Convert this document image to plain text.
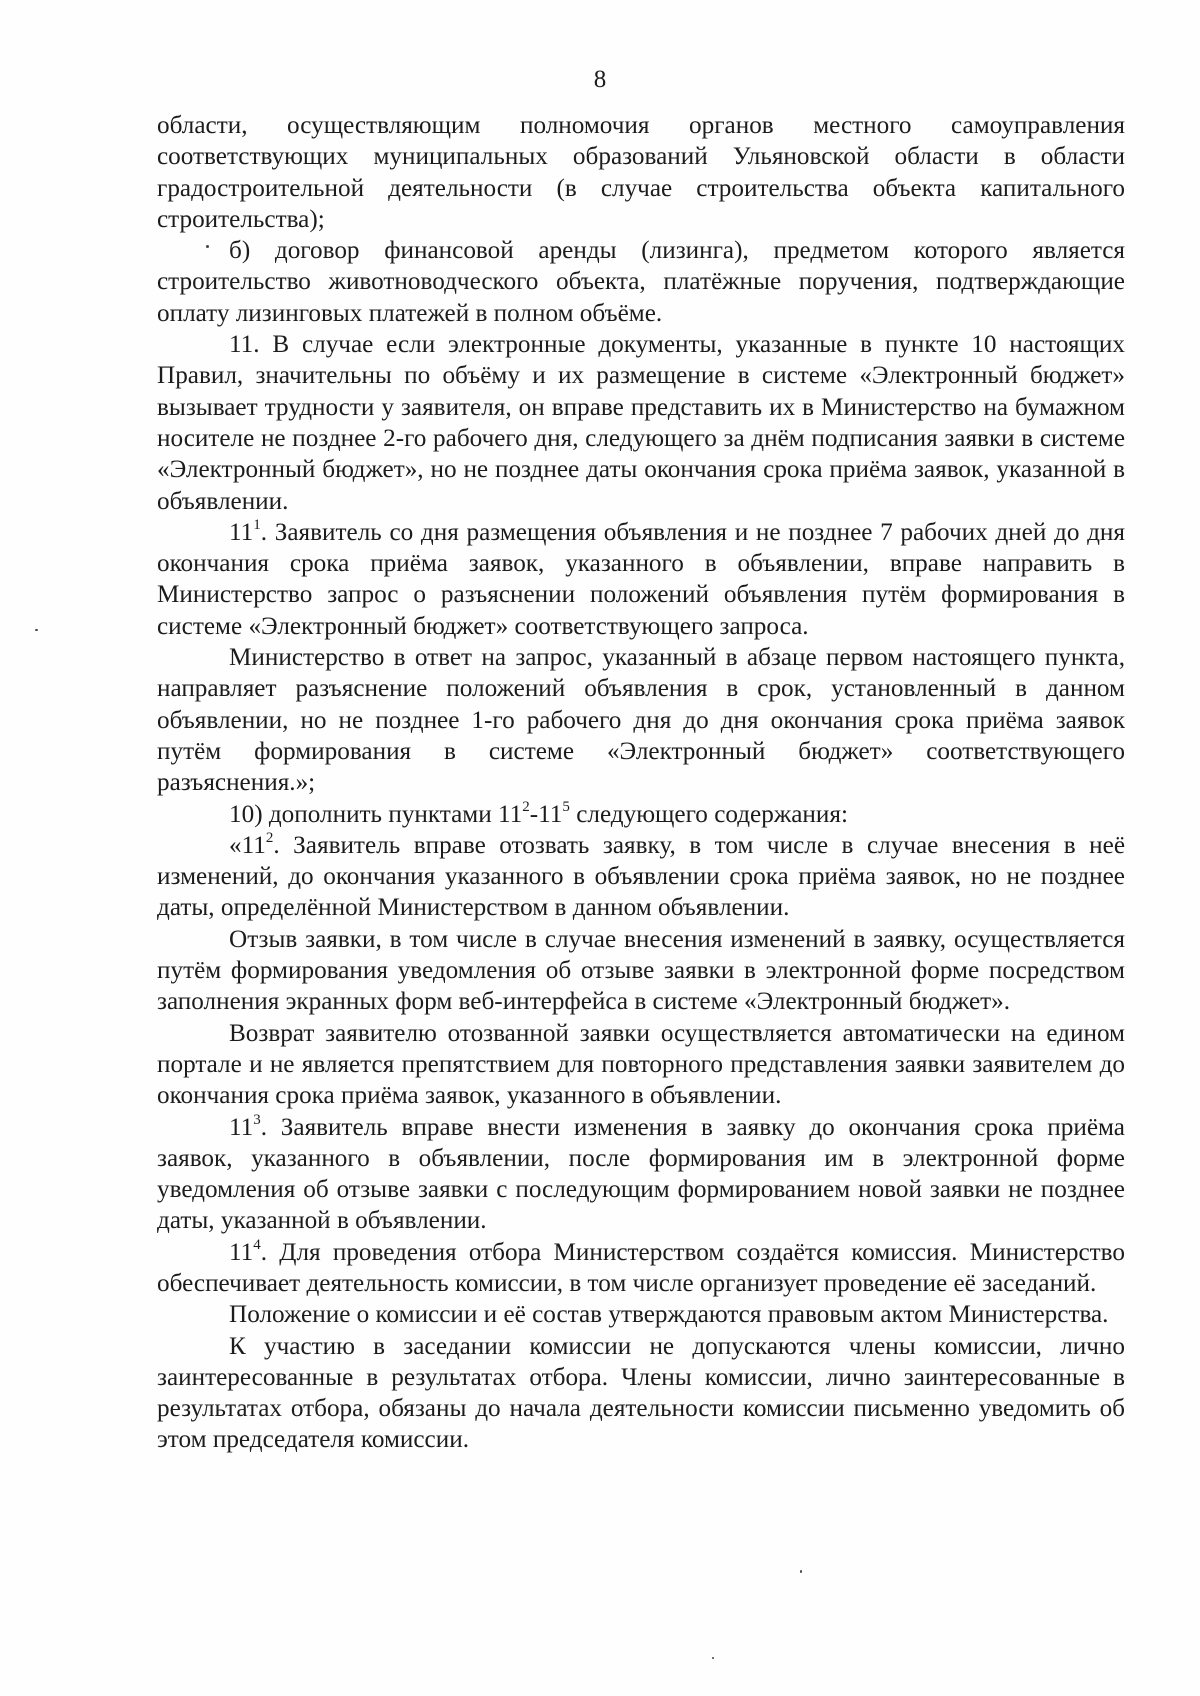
8

области, осуществляющим полномочия органов местного самоуправления соответствующих муниципальных образований Ульяновской области в области градостроительной деятельности (в случае строительства объекта капитального строительства);

б) договор финансовой аренды (лизинга), предметом которого является строительство животноводческого объекта, платёжные поручения, подтверждающие оплату лизинговых платежей в полном объёме.

11. В случае если электронные документы, указанные в пункте 10 настоящих Правил, значительны по объёму и их размещение в системе «Электронный бюджет» вызывает трудности у заявителя, он вправе представить их в Министерство на бумажном носителе не позднее 2-го рабочего дня, следующего за днём подписания заявки в системе «Электронный бюджет», но не позднее даты окончания срока приёма заявок, указанной в объявлении.

$11^1$. Заявитель со дня размещения объявления и не позднее 7 рабочих дней до дня окончания срока приёма заявок, указанного в объявлении, вправе направить в Министерство запрос о разъяснении положений объявления путём формирования в системе «Электронный бюджет» соответствующего запроса.

Министерство в ответ на запрос, указанный в абзаце первом настоящего пункта, направляет разъяснение положений объявления в срок, установленный в данном объявлении, но не позднее 1-го рабочего дня до дня окончания срока приёма заявок путём формирования в системе «Электронный бюджет» соответствующего разъяснения.»;

10) дополнить пунктами $11^2-11^5$ следующего содержания:

«$11^2$. Заявитель вправе отозвать заявку, в том числе в случае внесения в неё изменений, до окончания указанного в объявлении срока приёма заявок, но не позднее даты, определённой Министерством в данном объявлении.

Отзыв заявки, в том числе в случае внесения изменений в заявку, осуществляется путём формирования уведомления об отзыве заявки в электронной форме посредством заполнения экранных форм веб-интерфейса в системе «Электронный бюджет».

Возврат заявителю отозванной заявки осуществляется автоматически на едином портале и не является препятствием для повторного представления заявки заявителем до окончания срока приёма заявок, указанного в объявлении.

$11^3$. Заявитель вправе внести изменения в заявку до окончания срока приёма заявок, указанного в объявлении, после формирования им в электронной форме уведомления об отзыве заявки с последующим формированием новой заявки не позднее даты, указанной в объявлении.

$11^4$. Для проведения отбора Министерством создаётся комиссия. Министерство обеспечивает деятельность комиссии, в том числе организует проведение её заседаний.

Положение о комиссии и её состав утверждаются правовым актом Министерства.

К участию в заседании комиссии не допускаются члены комиссии, лично заинтересованные в результатах отбора. Члены комиссии, лично заинтересованные в результатах отбора, обязаны до начала деятельности комиссии письменно уведомить об этом председателя комиссии.
